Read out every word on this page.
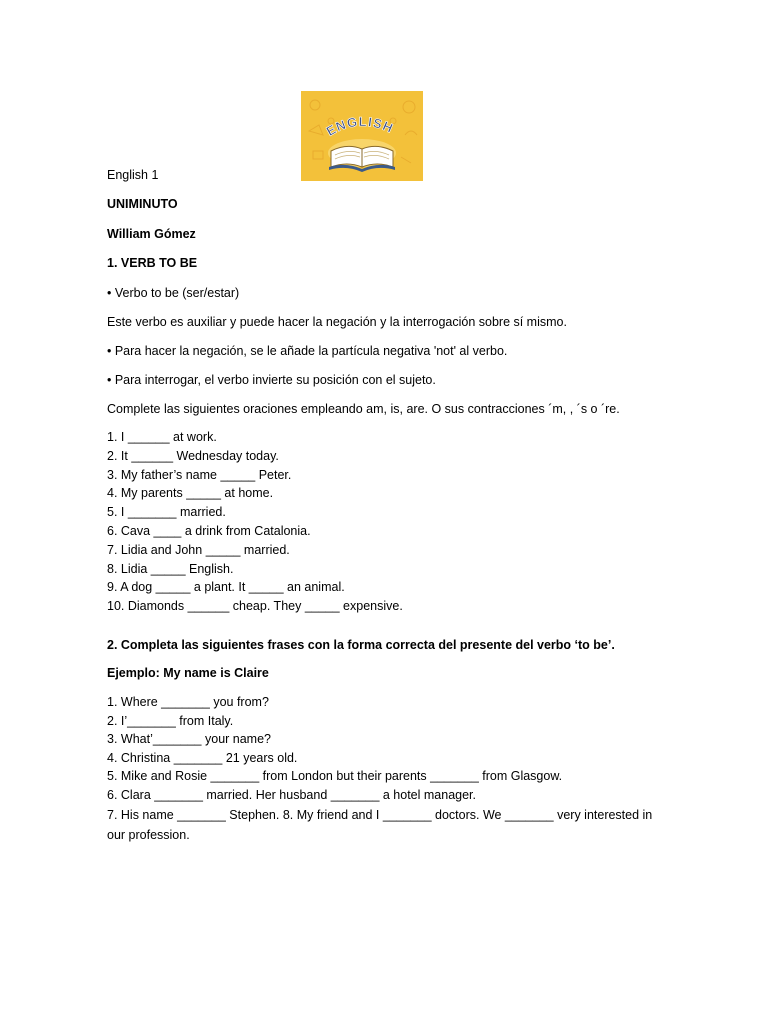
ENGLISH

English 1

UNIMINUTO

William Gómez

1. VERB TO BE

• Verbo to be (ser/estar)

Este verbo es auxiliar y puede hacer la negación y la interrogación sobre sí mismo.

• Para hacer la negación, se le añade la partícula negativa 'not' al verbo.

• Para interrogar, el verbo invierte su posición con el sujeto.

Complete las siguientes oraciones empleando am, is, are. O sus contracciones ´m, , ´s o ´re.

1. I ______ at work.
2. It ______ Wednesday today.
3. My father’s name _____ Peter.
4. My parents _____ at home.
5. I _______ married.
6. Cava ____ a drink from Catalonia.
7. Lidia and John _____ married.
8. Lidia _____ English.
9. A dog _____ a plant. It _____ an animal.
10. Diamonds ______ cheap. They _____ expensive.

2. Completa las siguientes frases con la forma correcta del presente del verbo ‘to be’.

Ejemplo: My name is Claire

1. Where _______ you from?
2. I’_______ from Italy.
3. What’_______ your name?
4. Christina _______ 21 years old.
5. Mike and Rosie _______ from London but their parents _______ from Glasgow.
6. Clara _______ married. Her husband _______ a hotel manager.
7. His name _______ Stephen. 8. My friend and I _______ doctors. We _______ very interested in our profession.
